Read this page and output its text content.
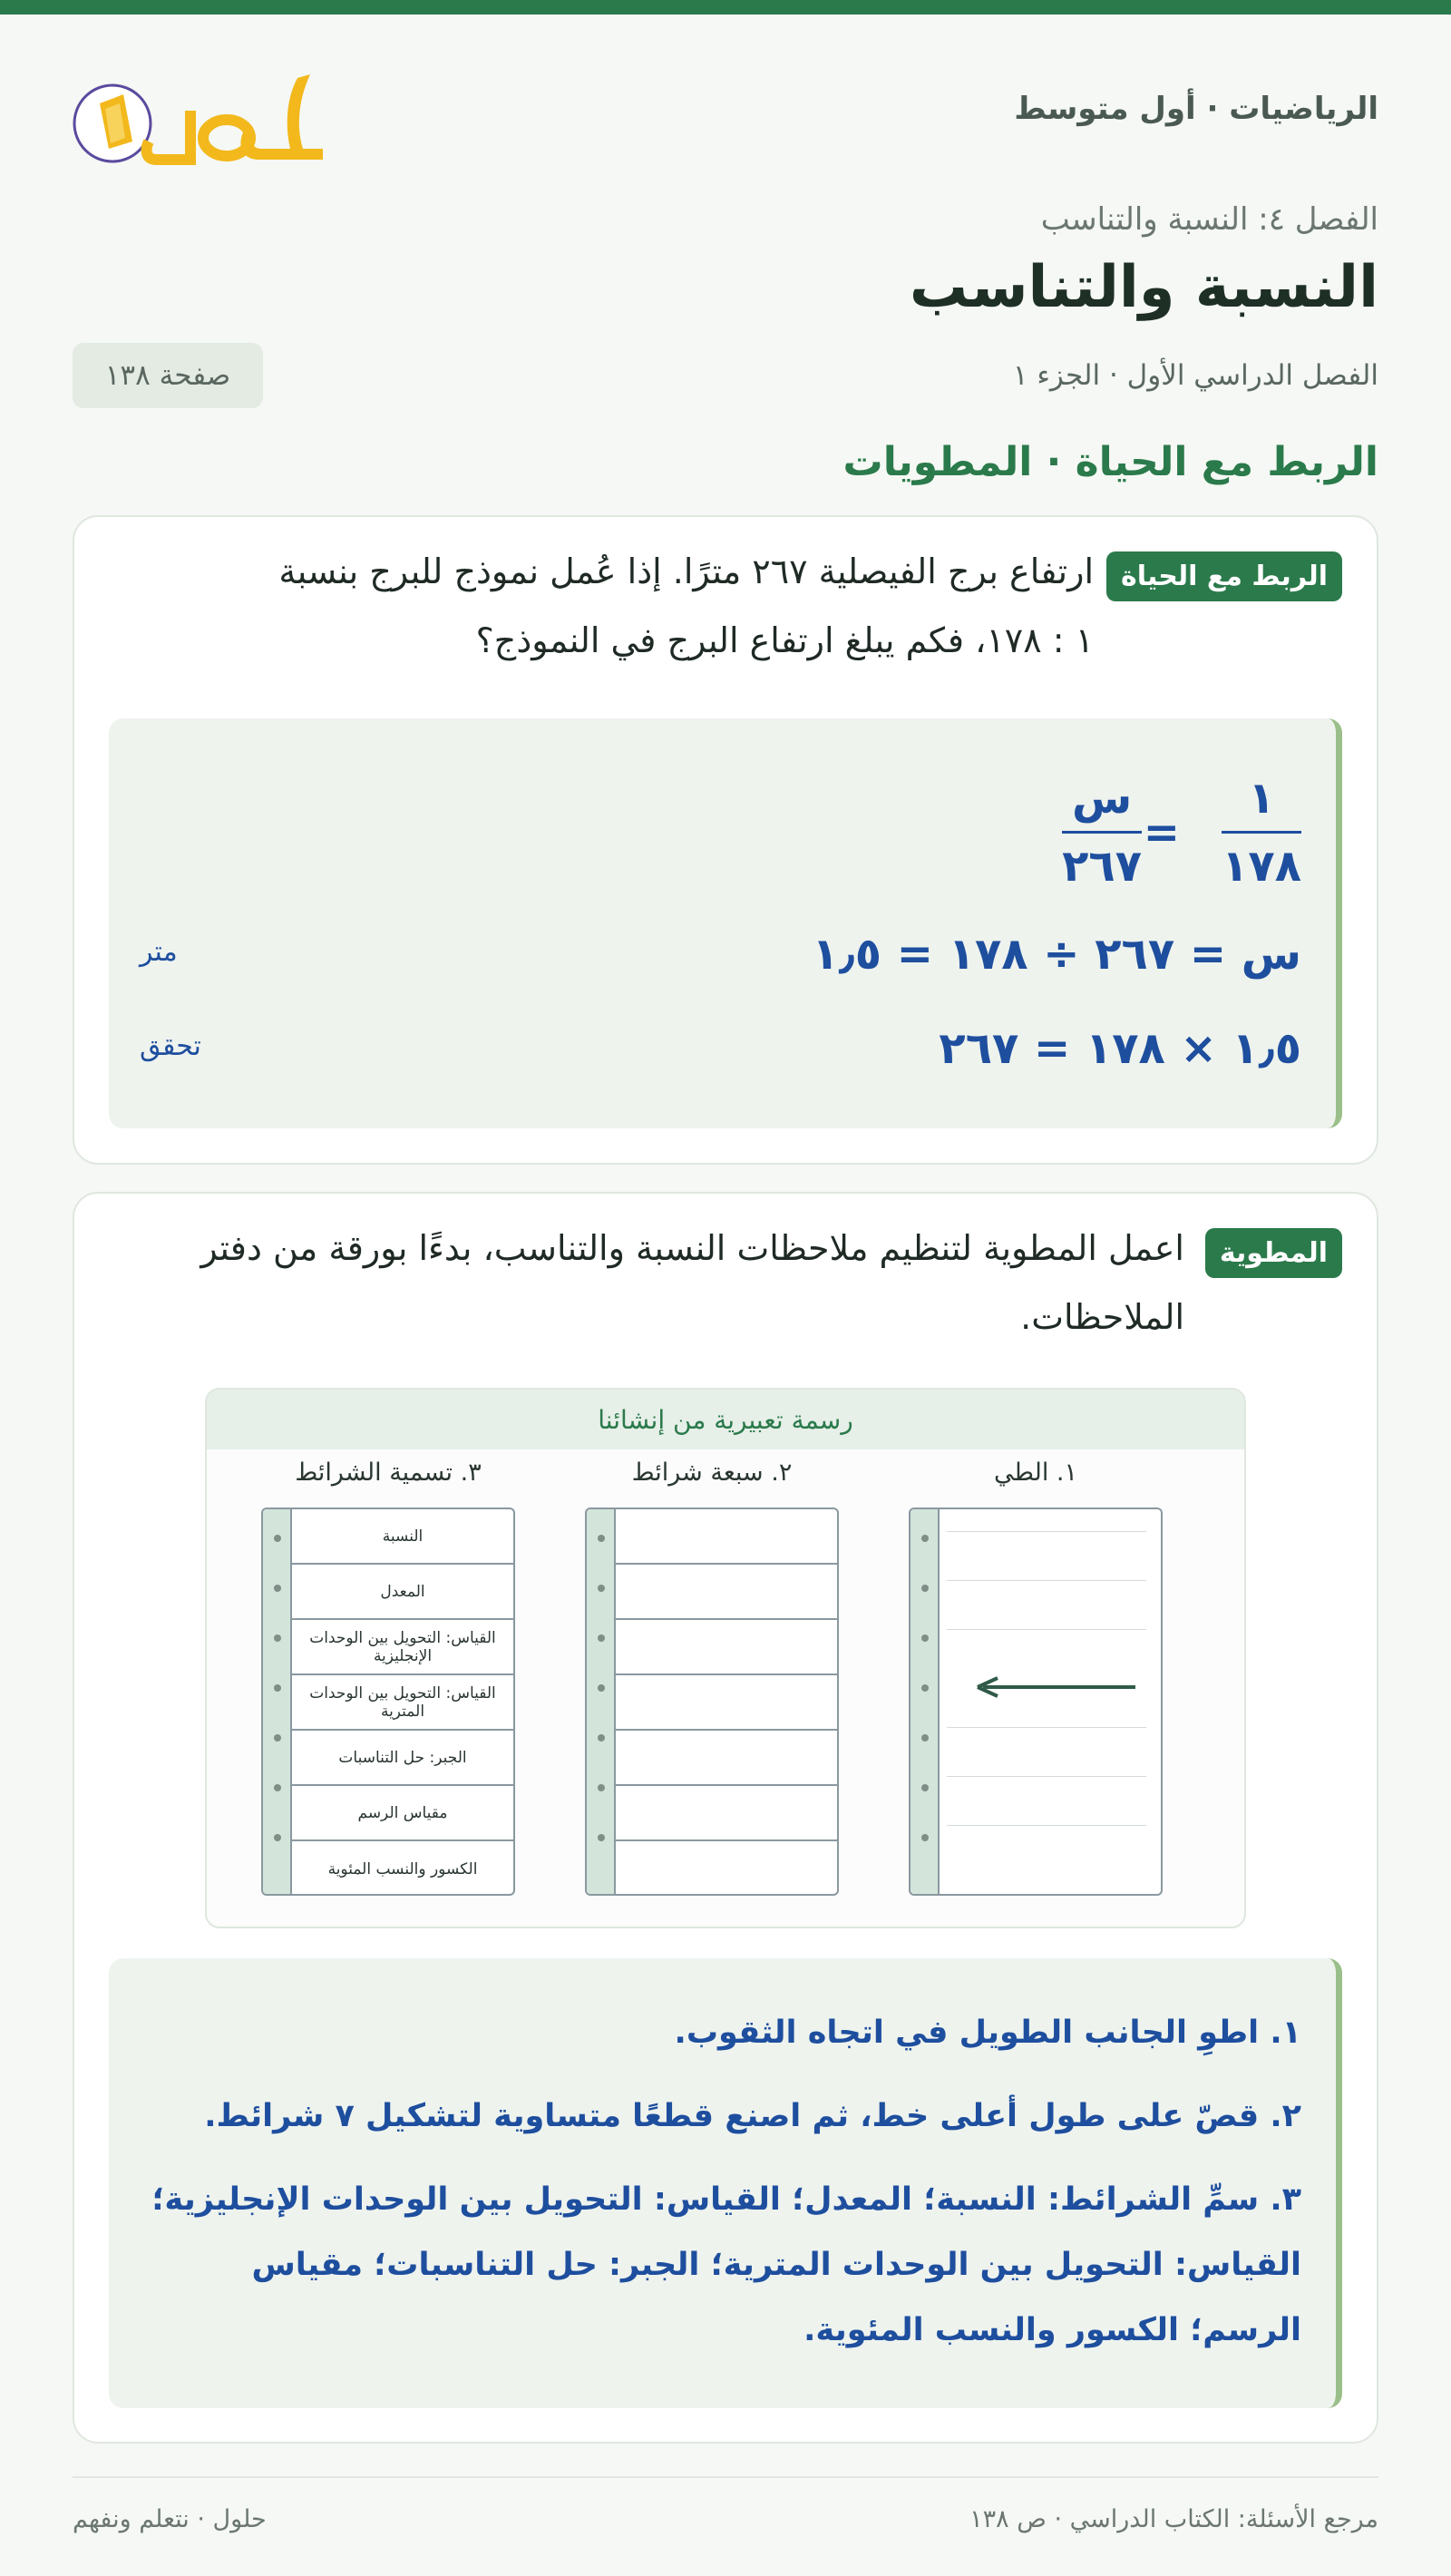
الرياضيات · أول متوسط
الفصل ٤: النسبة والتناسب
النسبة والتناسب
الفصل الدراسي الأول · الجزء ١
صفحة ١٣٨
الربط مع الحياة · المطويات
الربط مع الحياة
ارتفاع برج الفيصلية ٢٦٧ مترًا. إذا عُمل نموذج للبرج بنسبة
١ : ١٧٨، فكم يبلغ ارتفاع البرج في النموذج؟
١
١٧٨
=
س
٢٦٧
س = ٢٦٧ ÷ ١٧٨ = ١٫٥
متر
١٫٥ × ١٧٨ = ٢٦٧
تحقق
المطوية
اعمل المطوية لتنظيم ملاحظات النسبة والتناسب، بدءًا بورقة من دفتر
الملاحظات.
رسمة تعبيرية من إنشائنا
١. الطي
٢. سبعة شرائط
٣. تسمية الشرائط
النسبة
المعدل
القياس: التحويل بين الوحدات الإنجليزية
القياس: التحويل بين الوحدات المترية
الجبر: حل التناسبات
مقياس الرسم
الكسور والنسب المئوية
١. اطوِ الجانب الطويل في اتجاه الثقوب.
٢. قصّ على طول أعلى خط، ثم اصنع قطعًا متساوية لتشكيل ٧ شرائط.
٣. سمِّ الشرائط: النسبة؛ المعدل؛ القياس: التحويل بين الوحدات الإنجليزية؛
القياس: التحويل بين الوحدات المترية؛ الجبر: حل التناسبات؛ مقياس
الرسم؛ الكسور والنسب المئوية.
مرجع الأسئلة: الكتاب الدراسي · ص ١٣٨
حلول · نتعلم ونفهم
